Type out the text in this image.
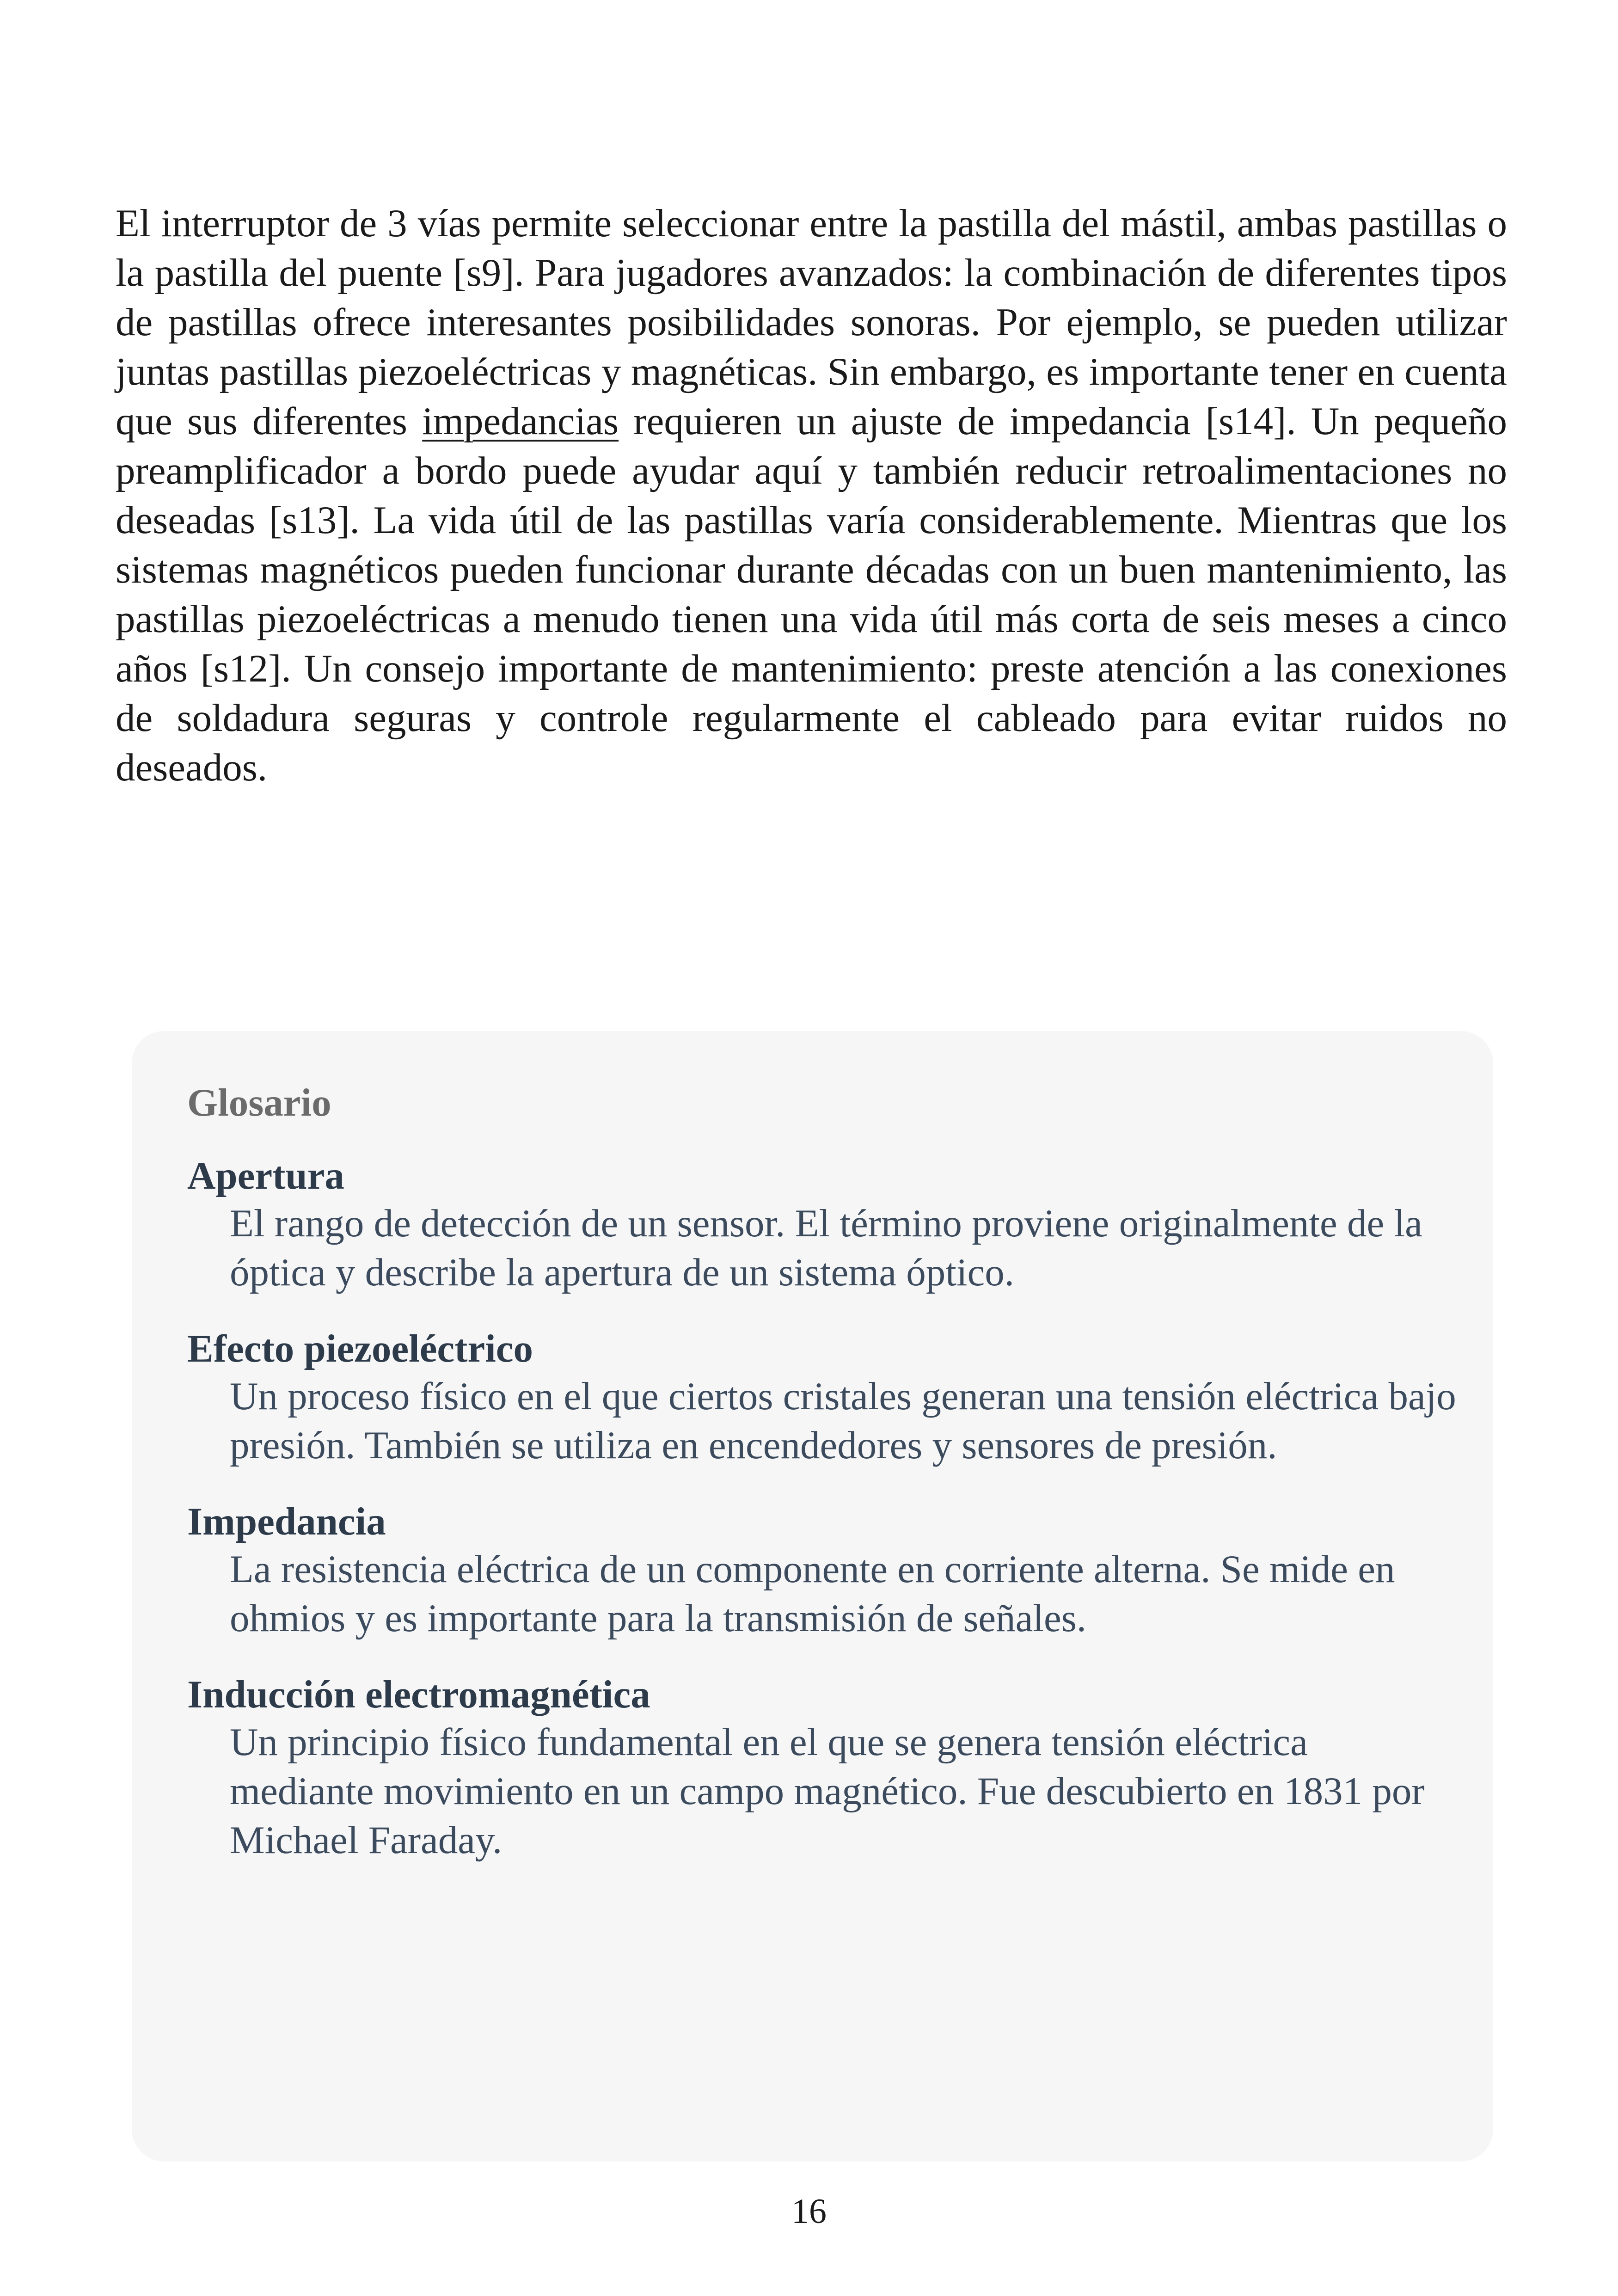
El interruptor de 3 vías permite seleccionar entre la pastilla del mástil, ambas pastillas o la pastilla del puente [s9]. Para jugadores avanzados: la combinación de diferentes tipos de pastillas ofrece interesantes posibilidades sonoras. Por ejemplo, se pueden utilizar juntas pastillas piezoeléctricas y magnéticas. Sin embargo, es importante tener en cuenta que sus diferentes impedancias requieren un ajuste de impedancia [s14]. Un pequeño preamplificador a bordo puede ayudar aquí y también reducir retroalimentaciones no deseadas [s13]. La vida útil de las pastillas varía considerablemente. Mientras que los sistemas magnéticos pueden funcionar durante décadas con un buen mantenimiento, las pastillas piezoeléctricas a menudo tienen una vida útil más corta de seis meses a cinco años [s12]. Un consejo importante de mantenimiento: preste atención a las conexiones de soldadura seguras y controle regularmente el cableado para evitar ruidos no deseados.

Glosario

Apertura

El rango de detección de un sensor. El término proviene originalmente de la óptica y describe la apertura de un sistema óptico.

Efecto piezoeléctrico

Un proceso físico en el que ciertos cristales generan una tensión eléctrica bajo presión. También se utiliza en encendedores y sensores de presión.

Impedancia

La resistencia eléctrica de un componente en corriente alterna. Se mide en ohmios y es importante para la transmisión de señales.

Inducción electromagnética

Un principio físico fundamental en el que se genera tensión eléctrica mediante movimiento en un campo magnético. Fue descubierto en 1831 por Michael Faraday.

16
